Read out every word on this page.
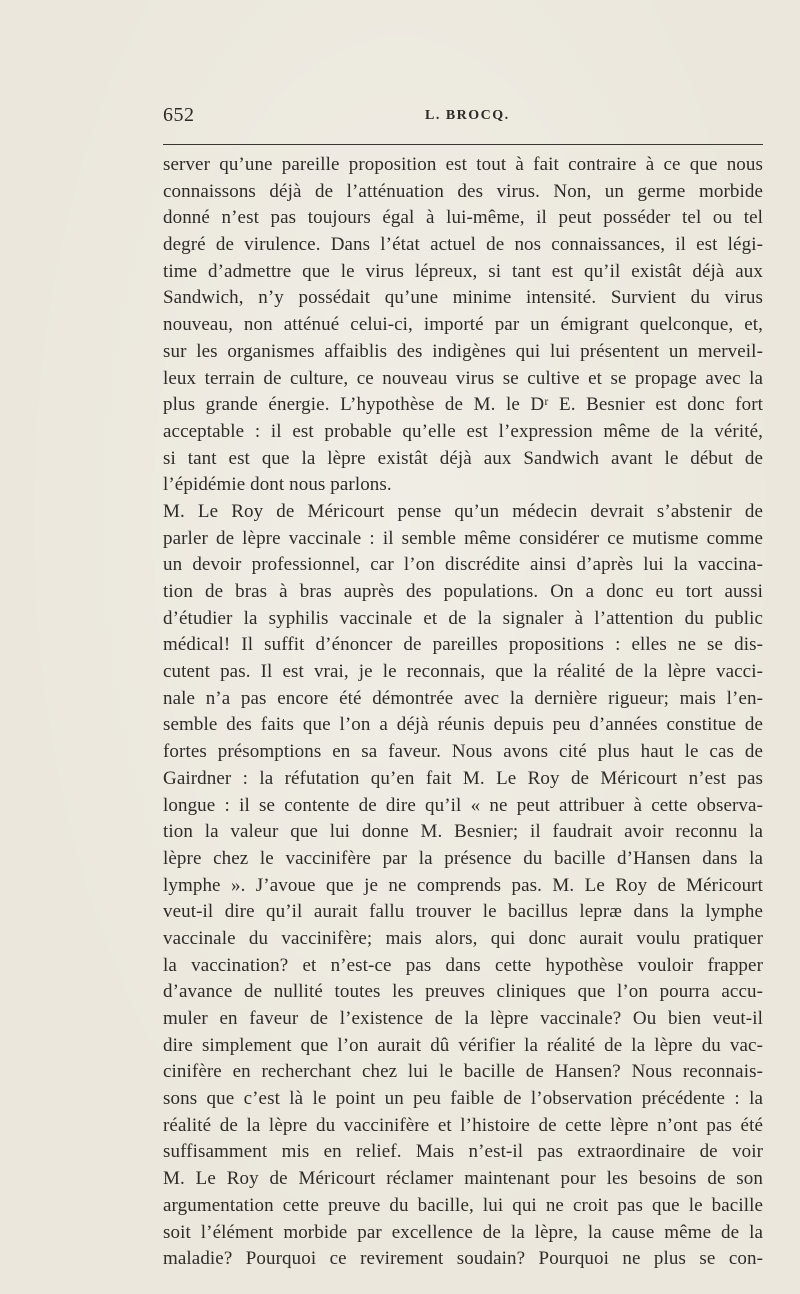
652	L. BROCQ.
server qu’une pareille proposition est tout à fait contraire à ce que nous
connaissons déjà de l’atténuation des virus. Non, un germe morbide
donné n’est pas toujours égal à lui-même, il peut posséder tel ou tel
degré de virulence. Dans l’état actuel de nos connaissances, il est légi-
time d’admettre que le virus lépreux, si tant est qu’il existât déjà aux
Sandwich, n’y possédait qu’une minime intensité. Survient du virus
nouveau, non atténué celui-ci, importé par un émigrant quelconque, et,
sur les organismes affaiblis des indigènes qui lui présentent un merveil-
leux terrain de culture, ce nouveau virus se cultive et se propage avec la
plus grande énergie. L’hypothèse de M. le Dʳ E. Besnier est donc fort
acceptable : il est probable qu’elle est l’expression même de la vérité,
si tant est que la lèpre existât déjà aux Sandwich avant le début de
l’épidémie dont nous parlons.
M. Le Roy de Méricourt pense qu’un médecin devrait s’abstenir de
parler de lèpre vaccinale : il semble même considérer ce mutisme comme
un devoir professionnel, car l’on discrédite ainsi d’après lui la vaccina-
tion de bras à bras auprès des populations. On a donc eu tort aussi
d’étudier la syphilis vaccinale et de la signaler à l’attention du public
médical! Il suffit d’énoncer de pareilles propositions : elles ne se dis-
cutent pas. Il est vrai, je le reconnais, que la réalité de la lèpre vacci-
nale n’a pas encore été démontrée avec la dernière rigueur; mais l’en-
semble des faits que l’on a déjà réunis depuis peu d’années constitue de
fortes présomptions en sa faveur. Nous avons cité plus haut le cas de
Gairdner : la réfutation qu’en fait M. Le Roy de Méricourt n’est pas
longue : il se contente de dire qu’il « ne peut attribuer à cette observa-
tion la valeur que lui donne M. Besnier; il faudrait avoir reconnu la
lèpre chez le vaccinifère par la présence du bacille d’Hansen dans la
lymphe ». J’avoue que je ne comprends pas. M. Le Roy de Méricourt
veut-il dire qu’il aurait fallu trouver le bacillus lepræ dans la lymphe
vaccinale du vaccinifère; mais alors, qui donc aurait voulu pratiquer
la vaccination? et n’est-ce pas dans cette hypothèse vouloir frapper
d’avance de nullité toutes les preuves cliniques que l’on pourra accu-
muler en faveur de l’existence de la lèpre vaccinale? Ou bien veut-il
dire simplement que l’on aurait dû vérifier la réalité de la lèpre du vac-
cinifère en recherchant chez lui le bacille de Hansen? Nous reconnais-
sons que c’est là le point un peu faible de l’observation précédente : la
réalité de la lèpre du vaccinifère et l’histoire de cette lèpre n’ont pas été
suffisamment mis en relief. Mais n’est-il pas extraordinaire de voir
M. Le Roy de Méricourt réclamer maintenant pour les besoins de son
argumentation cette preuve du bacille, lui qui ne croit pas que le bacille
soit l’élément morbide par excellence de la lèpre, la cause même de la
maladie? Pourquoi ce revirement soudain? Pourquoi ne plus se con-
